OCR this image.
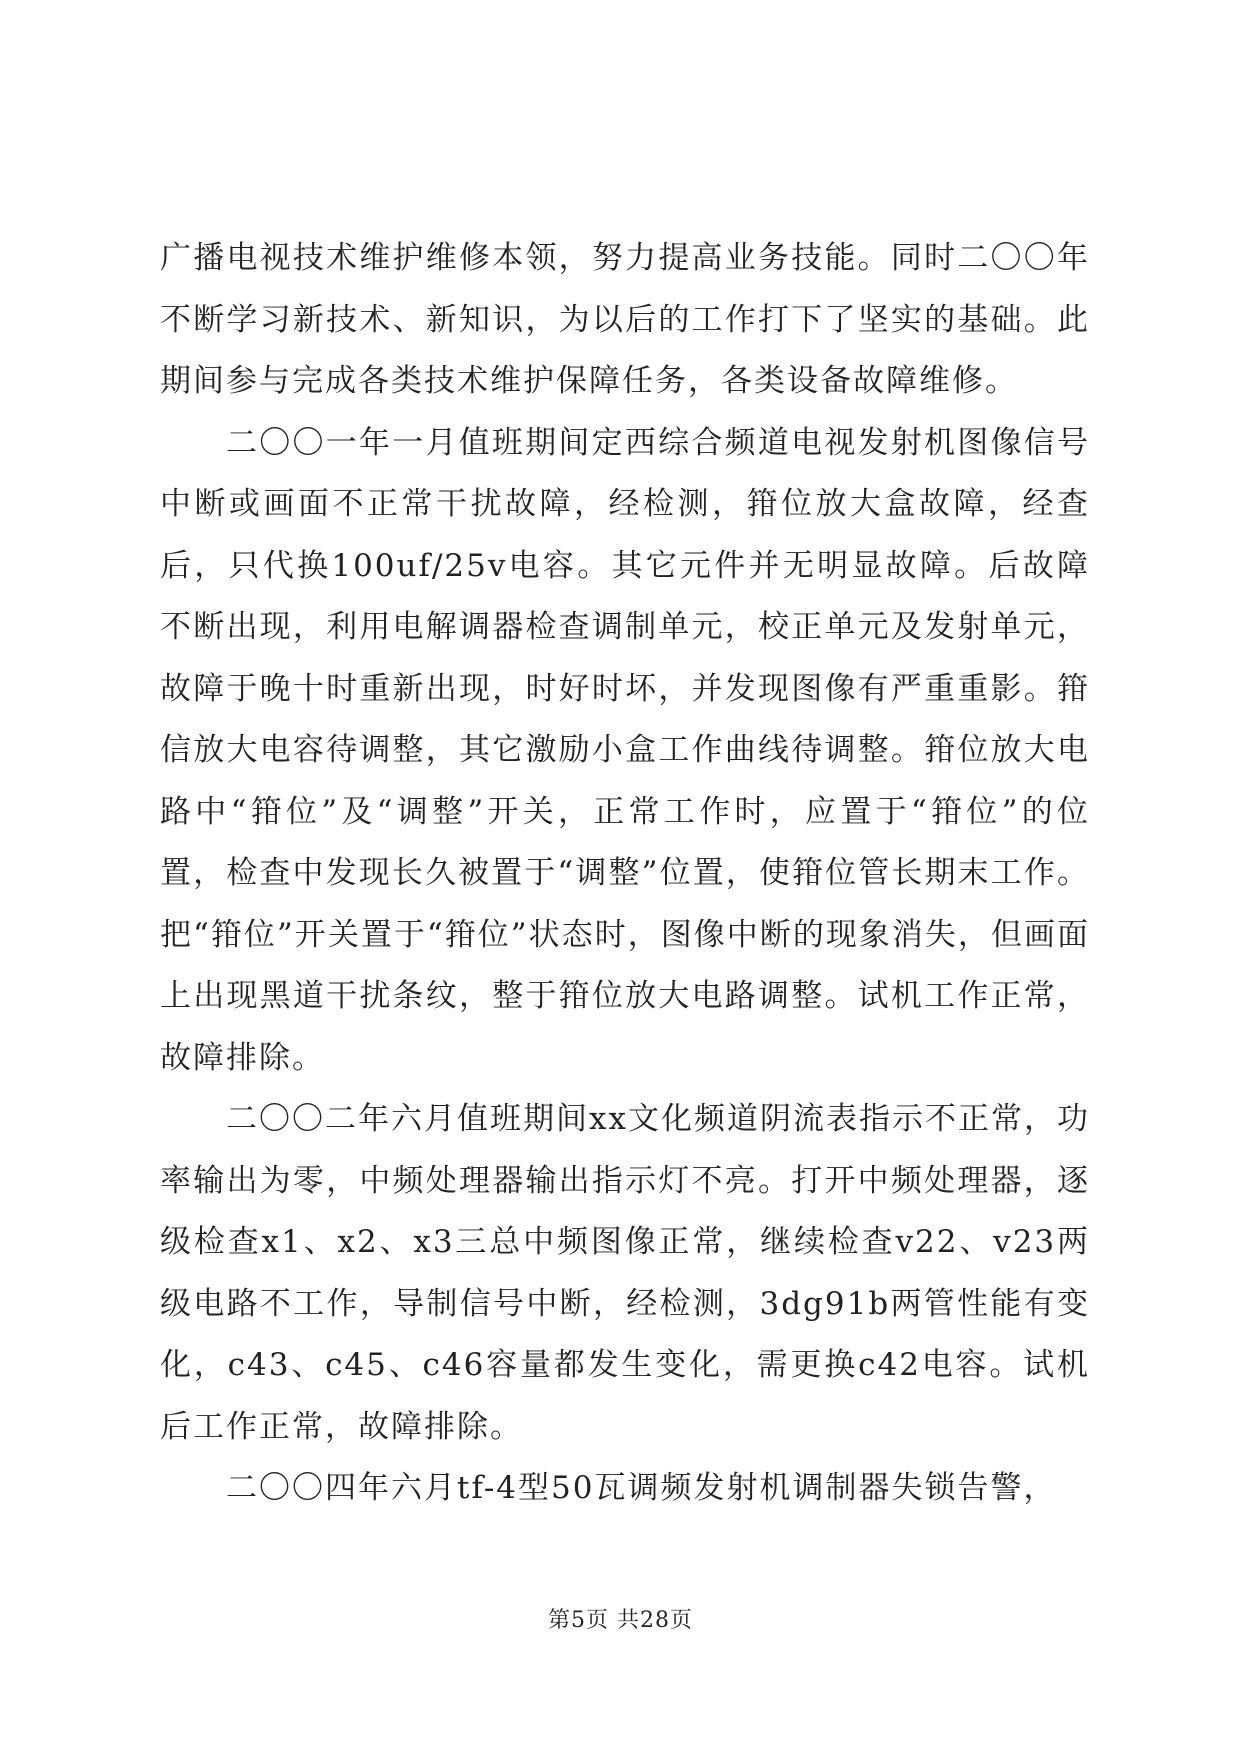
广播电视技术维护维修本领，努力提高业务技能。同时二〇〇年不断学习新技术、新知识，为以后的工作打下了坚实的基础。此期间参与完成各类技术维护保障任务，各类设备故障维修。

二〇〇一年一月值班期间定西综合频道电视发射机图像信号中断或画面不正常干扰故障，经检测，箝位放大盒故障，经查后，只代换100uf/25v电容。其它元件并无明显故障。后故障不断出现，利用电解调器检查调制单元，校正单元及发射单元，故障于晚十时重新出现，时好时坏，并发现图像有严重重影。箝信放大电容待调整，其它激励小盒工作曲线待调整。箝位放大电路中“箝位”及“调整”开关，正常工作时，应置于“箝位”的位置，检查中发现长久被置于“调整”位置，使箝位管长期末工作。把“箝位”开关置于“箝位”状态时，图像中断的现象消失，但画面上出现黑道干扰条纹，整于箝位放大电路调整。试机工作正常，故障排除。

二〇〇二年六月值班期间xx文化频道阴流表指示不正常，功率输出为零，中频处理器输出指示灯不亮。打开中频处理器，逐级检查x1、x2、x3三总中频图像正常，继续检查v22、v23两级电路不工作，导制信号中断，经检测，3dg91b两管性能有变化，c43、c45、c46容量都发生变化，需更换c42电容。试机后工作正常，故障排除。

二〇〇四年六月tf-4型50瓦调频发射机调制器失锁告警，

第5页 共28页
